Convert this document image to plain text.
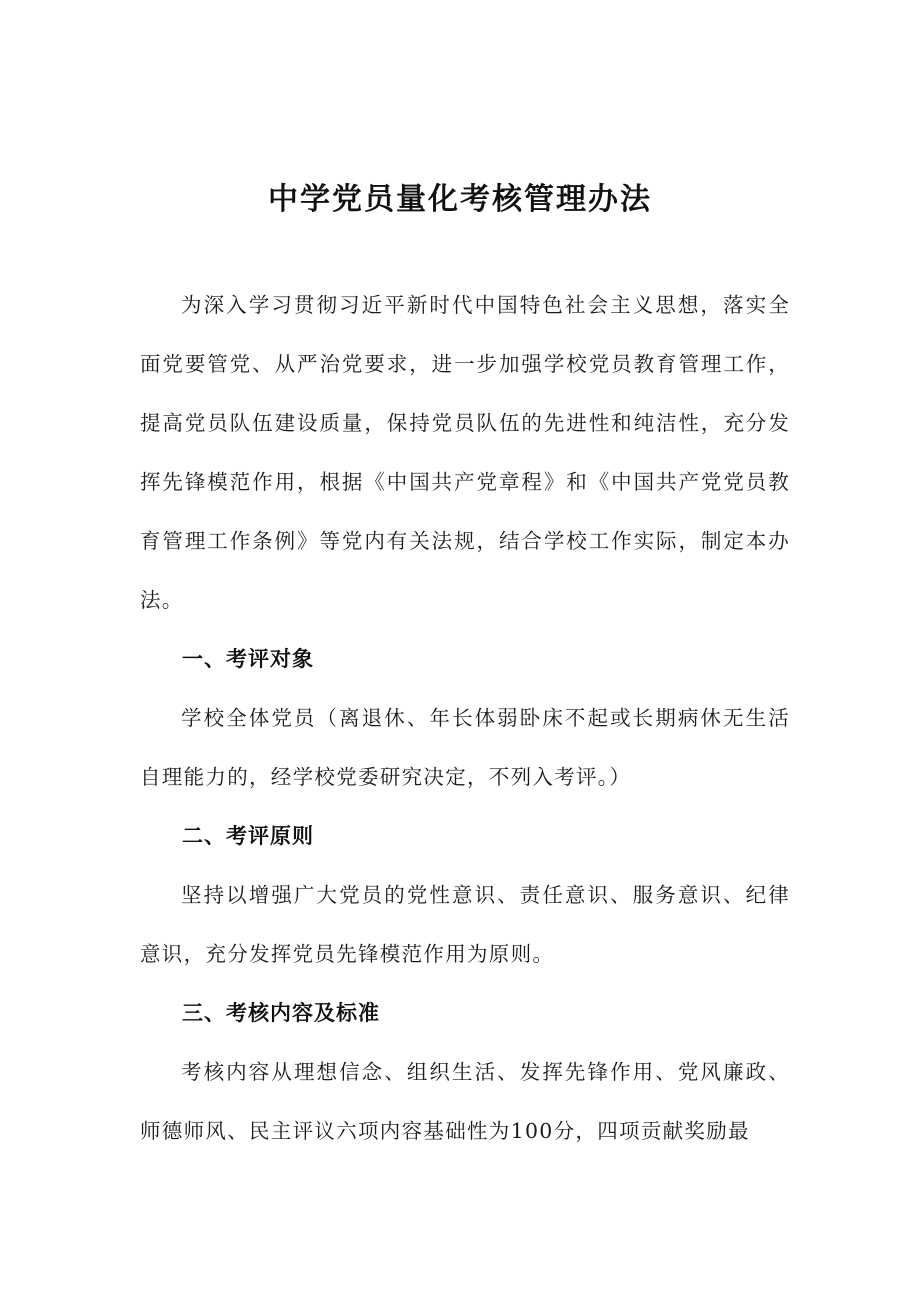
中学党员量化考核管理办法

为深入学习贯彻习近平新时代中国特色社会主义思想，落实全面党要管党、从严治党要求，进一步加强学校党员教育管理工作，提高党员队伍建设质量，保持党员队伍的先进性和纯洁性，充分发挥先锋模范作用，根据《中国共产党章程》和《中国共产党党员教育管理工作条例》等党内有关法规，结合学校工作实际，制定本办法。

一、考评对象

学校全体党员（离退休、年长体弱卧床不起或长期病休无生活自理能力的，经学校党委研究决定，不列入考评。）

二、考评原则

坚持以增强广大党员的党性意识、责任意识、服务意识、纪律意识，充分发挥党员先锋模范作用为原则。

三、考核内容及标准

考核内容从理想信念、组织生活、发挥先锋作用、党风廉政、师德师风、民主评议六项内容基础性为100分，四项贡献奖励最
